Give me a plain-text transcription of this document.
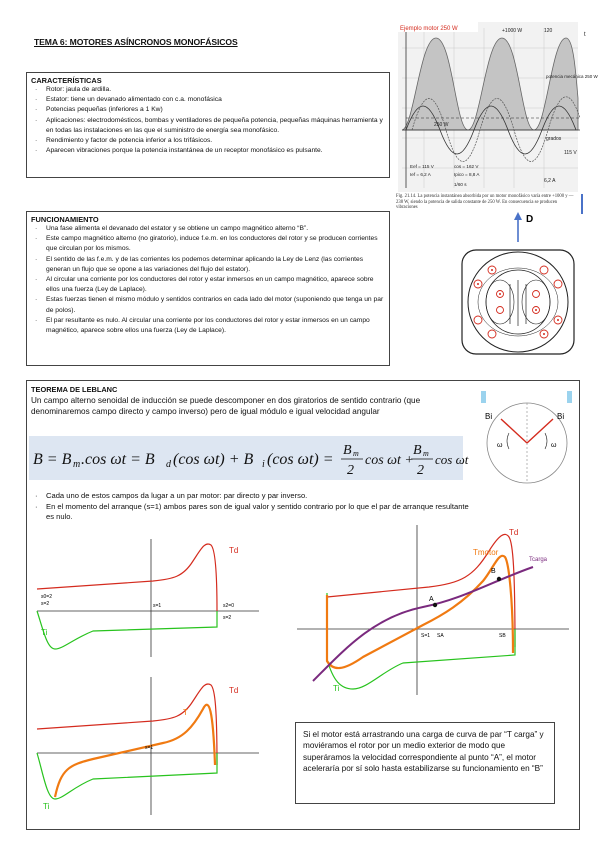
TEMA 6: MOTORES ASÍNCRONOS MONOFÁSICOS
CARACTERÍSTICAS
· Rotor: jaula de ardilla.
· Estator: tiene un devanado alimentado con c.a. monofásica
· Potencias pequeñas (inferiores a 1 Kw)
· Aplicaciones: electrodomésticos, bombas y ventiladores de pequeña potencia, pequeñas máquinas herramienta y en todas las instalaciones en las que el suministro de energía sea monofásico.
· Rendimiento y factor de potencia inferior a los trifásicos.
· Aparecen vibraciones porque la potencia instantánea de un receptor monofásico es pulsante.
Ejemplo motor 250 W	+1000 W	120
t
potencia mecánica 250 W
250 W
grados
115 V
6,2 A
Eef = 115 V
Ief = 6,2 A
cos = 162 V
Ipico = 8,8 A
1/60 s
Fig. 21.14. La potencia instantánea absorbida por un motor monofásico varía entre +1000 y —238 W, siendo la potencia de salida constante de 250 W. En consecuencia se producen vibraciones
FUNCIONAMIENTO
· Una fase alimenta el devanado del estator y se obtiene un campo magnético alterno “B”.
· Este campo magnético alterno (no giratorio), induce f.e.m. en los conductores del rotor y se producen corrientes que circulan por los mismos.
· El sentido de las f.e.m. y de las corrientes los podemos determinar aplicando la Ley de Lenz (las corrientes generan un flujo que se opone a las variaciones del flujo del estator).
· Al circular una corriente por los conductores del rotor y estar inmersos en un campo magnético, aparece sobre ellos una fuerza (Ley de Laplace).
· Estas fuerzas tienen el mismo módulo y sentidos contrarios en cada lado del motor (suponiendo que tenga un par de polos).
· El par resultante es nulo. Al circular una corriente por los conductores del rotor y estar inmersos en un campo magnético, aparece sobre ellos una fuerza (Ley de Laplace).
D
TEOREMA DE LEBLANC
Un campo alterno senoidal de inducción se puede descomponer en dos giratorios de sentido contrario (que denominaremos campo directo y campo inverso) pero de igual módulo e igual velocidad angular
B = B m .cos ωt = B d (cos ωt) + B i (cos ωt) =
B m
2
cos ωt +
B m
2
cos ωt
· Cada uno de estos campos da lugar a un par motor: par directo y par inverso.
· En el momento del arranque (s=1) ambos pares son de igual valor y sentido contrario por lo que el par de arranque resultante es nulo.
Bi	Bi
ω	ω
Td
Ti
s0=2
s=2	s=1	s2=0
s=2
Td
T
Ti
s=1
Td
Tmotor
Tcarga
A
B
Ti
S=1 SA	SB
Si el motor está arrastrando una carga de curva de par “T carga” y moviéramos el rotor por un medio exterior de modo que superáramos la velocidad correspondiente al punto “A”, el motor aceleraría por sí solo hasta estabilizarse su funcionamiento en “B”
